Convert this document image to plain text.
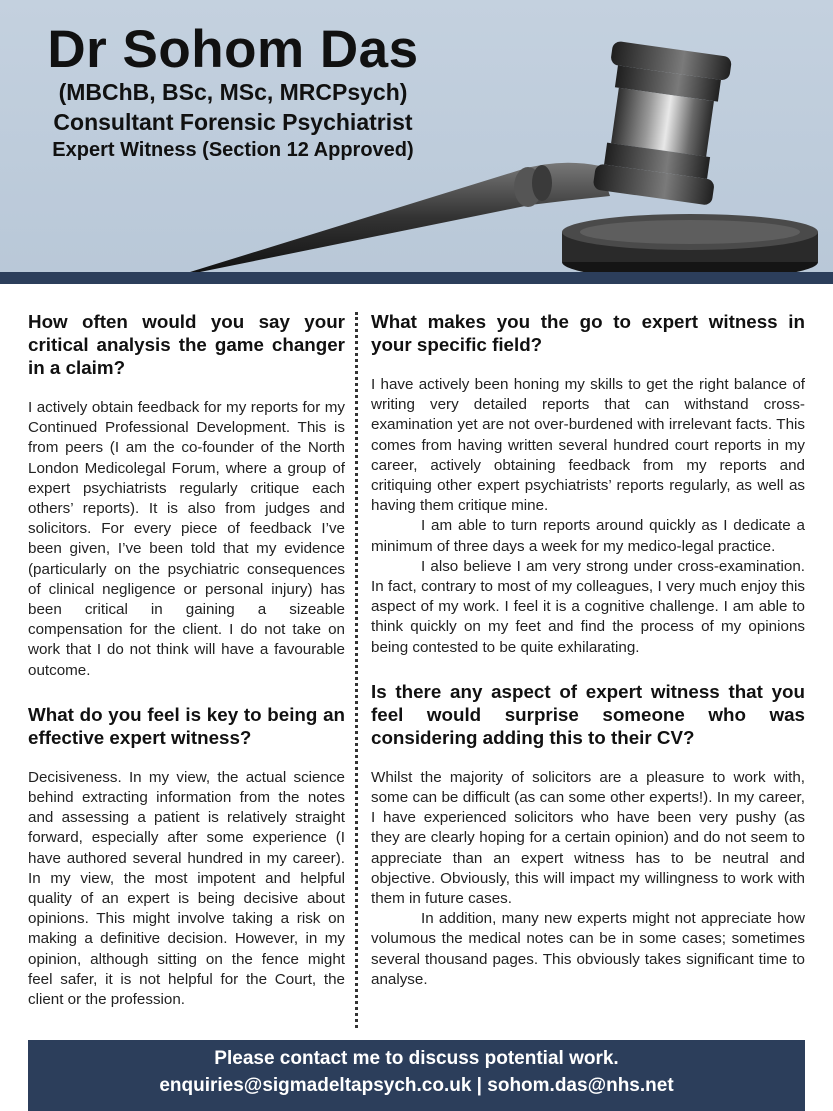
Dr Sohom Das
(MBChB, BSc, MSc, MRCPsych)
Consultant Forensic Psychiatrist
Expert Witness (Section 12 Approved)
How often would you say your critical analysis the game changer in a claim?

I actively obtain feedback for my reports for my Continued Professional Development. This is from peers (I am the co-founder of the North London Medicolegal Forum, where a group of expert psychiatrists regularly critique each others’ reports). It is also from judges and solicitors. For every piece of feedback I’ve been given, I’ve been told that my evidence (particularly on the psychiatric consequences of clinical negligence or personal injury) has been critical in gaining a sizeable compensation for the client. I do not take on work that I do not think will have a favourable outcome.

What do you feel is key to being an effective expert witness?

Decisiveness. In my view, the actual science behind extracting information from the notes and assessing a patient is relatively straight forward, especially after some experience (I have authored several hundred in my career). In my view, the most impotent and helpful quality of an expert is being decisive about opinions. This might involve taking a risk on making a definitive decision. However, in my opinion, although sitting on the fence might feel safer, it is not helpful for the Court, the client or the profession.

What makes you the go to expert witness in your specific field?

I have actively been honing my skills to get the right balance of writing very detailed reports that can withstand cross-examination yet are not over-burdened with irrelevant facts. This comes from having written several hundred court reports in my career, actively obtaining feedback from my reports and critiquing other expert psychiatrists’ reports regularly, as well as having them critique mine.

I am able to turn reports around quickly as I dedicate a minimum of three days a week for my medico-legal practice.

I also believe I am very strong under cross-examination. In fact, contrary to most of my colleagues, I very much enjoy this aspect of my work. I feel it is a cognitive challenge. I am able to think quickly on my feet and find the process of my opinions being contested to be quite exhilarating.

Is there any aspect of expert witness that you feel would surprise someone who was considering adding this to their CV?

Whilst the majority of solicitors are a pleasure to work with, some can be difficult (as can some other experts!). In my career, I have experienced solicitors who have been very pushy (as they are clearly hoping for a certain opinion) and do not seem to appreciate than an expert witness has to be neutral and objective. Obviously, this will impact my willingness to work with them in future cases.

In addition, many new experts might not appreciate how volumous the medical notes can be in some cases; sometimes several thousand pages. This obviously takes significant time to analyse.

Please contact me to discuss potential work.
enquiries@sigmadeltapsych.co.uk | sohom.das@nhs.net
